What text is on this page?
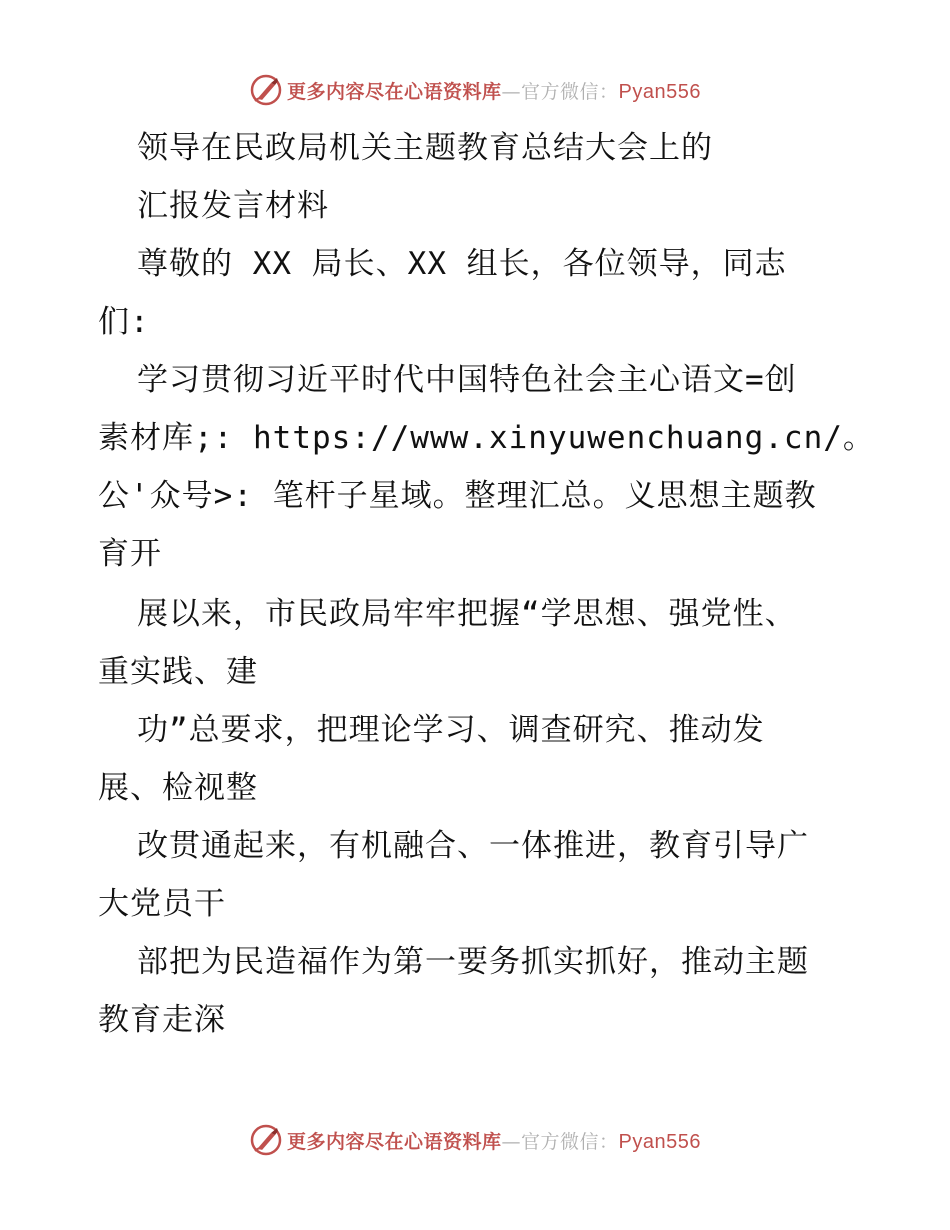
更多内容尽在心语资料库—官方微信：Pyan556
领导在民政局机关主题教育总结大会上的
汇报发言材料
尊敬的 XX 局长、XX 组长，各位领导，同志
们:
学习贯彻习近平时代中国特色社会主心语文=创
素材库;: https://www.xinyuwenchuang.cn/。
公'众号>: 笔杆子星域。整理汇总。义思想主题教
育开
展以来，市民政局牢牢把握“学思想、强党性、
重实践、建
功”总要求，把理论学习、调查研究、推动发
展、检视整
改贯通起来，有机融合、一体推进，教育引导广
大党员干
部把为民造福作为第一要务抓实抓好，推动主题
教育走深
更多内容尽在心语资料库—官方微信：Pyan556
